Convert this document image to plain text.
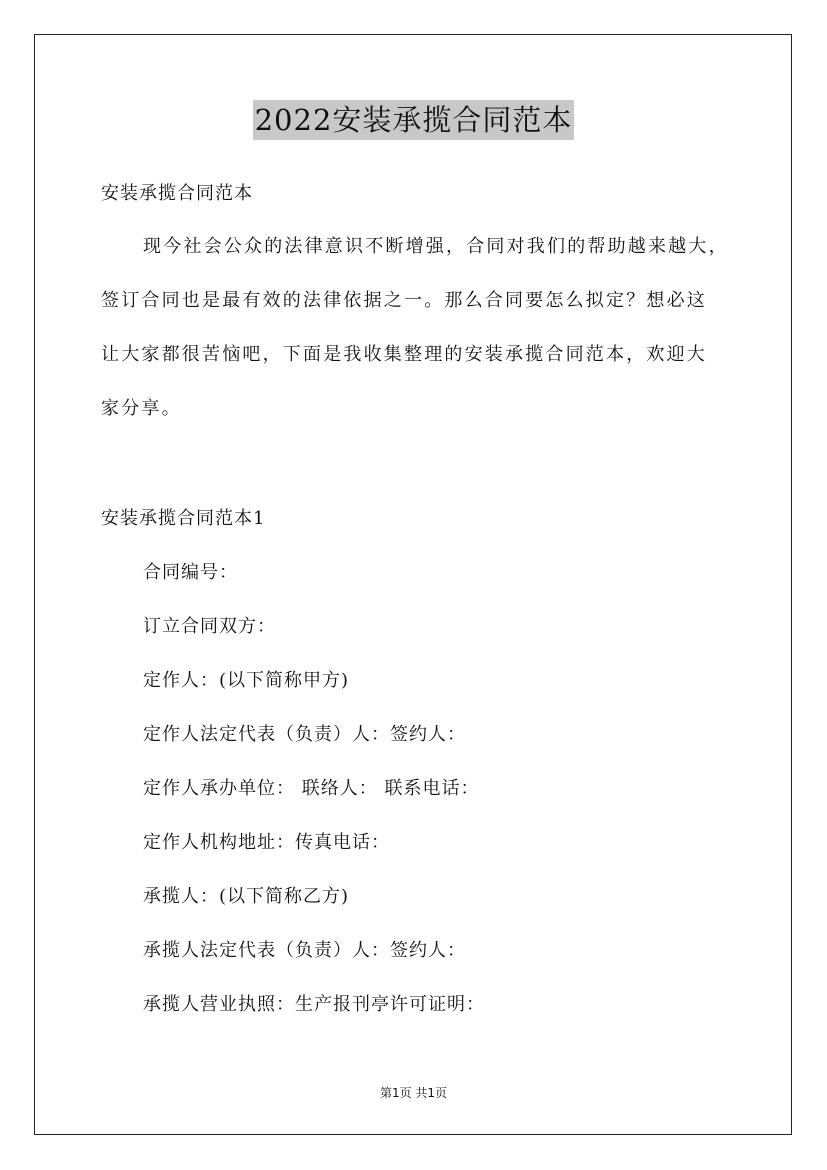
2022安装承揽合同范本
安装承揽合同范本
现今社会公众的法律意识不断增强，合同对我们的帮助越来越大，
签订合同也是最有效的法律依据之一。那么合同要怎么拟定？想必这
让大家都很苦恼吧，下面是我收集整理的安装承揽合同范本，欢迎大
家分享。
安装承揽合同范本1
合同编号：
订立合同双方：
定作人：(以下简称甲方)
定作人法定代表（负责）人：签约人：
定作人承办单位： 联络人： 联系电话：
定作人机构地址：传真电话：
承揽人：(以下简称乙方)
承揽人法定代表（负责）人：签约人：
承揽人营业执照：生产报刊亭许可证明：
第1页 共1页
